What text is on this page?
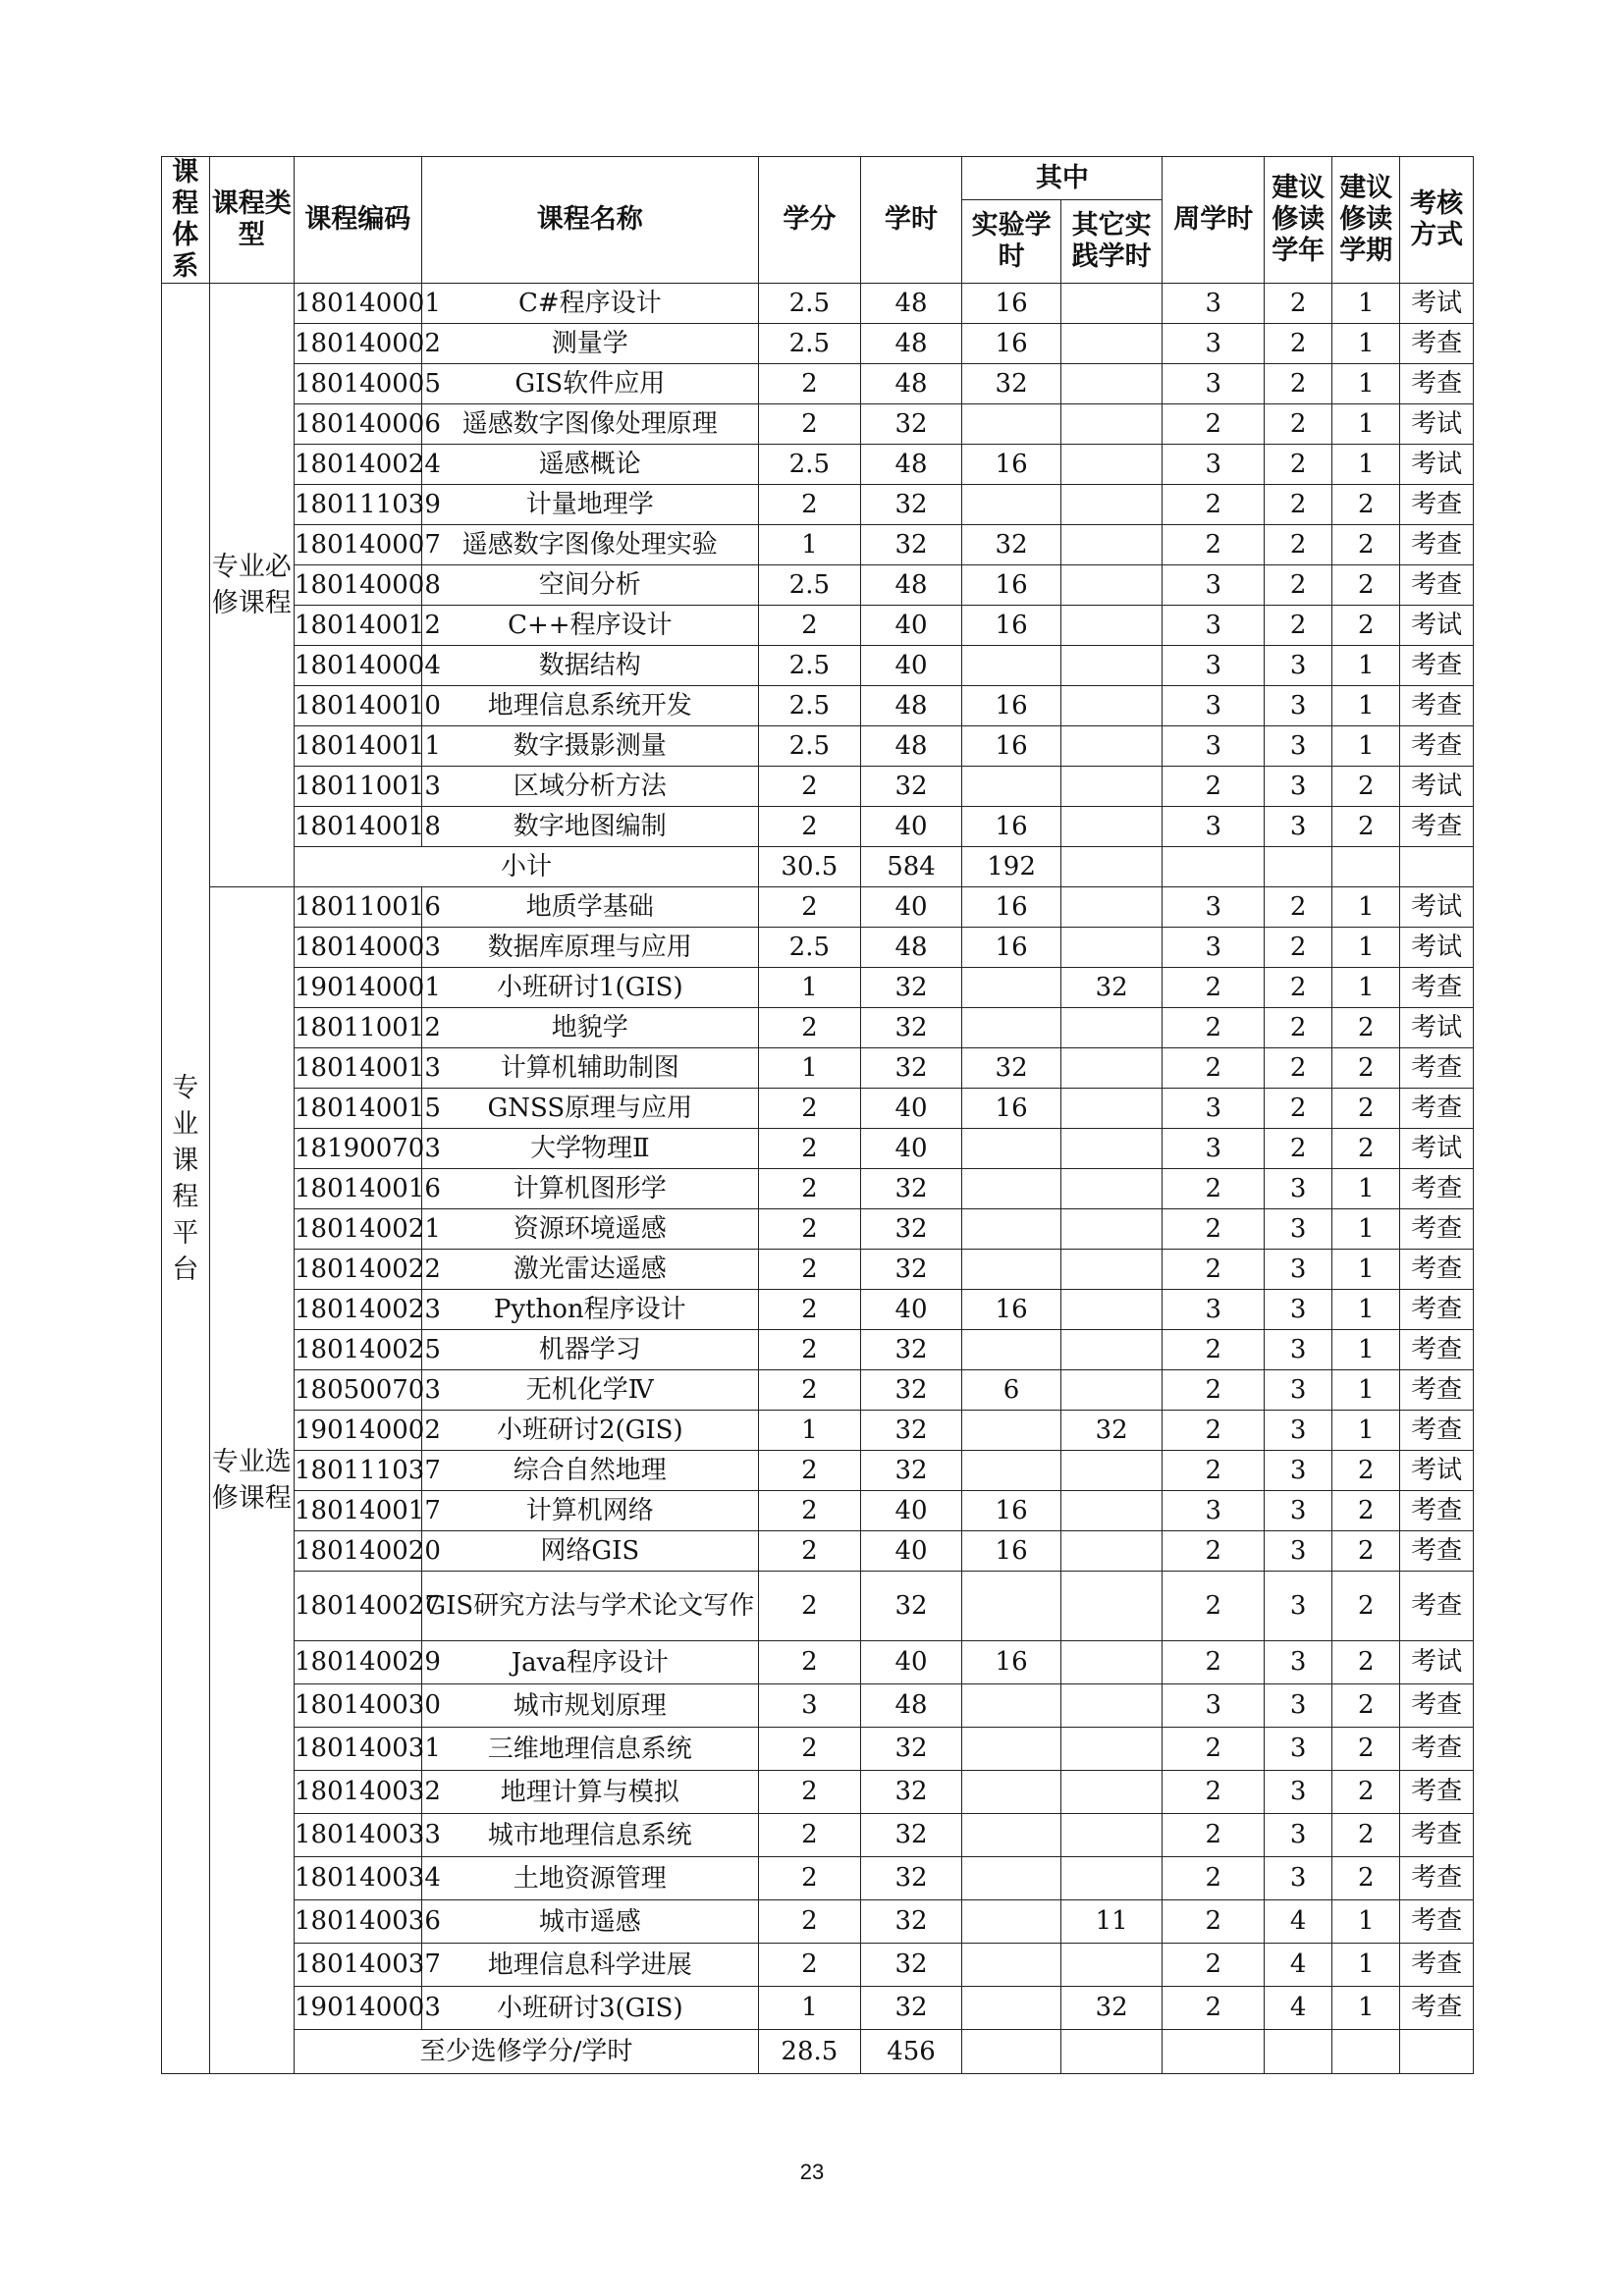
课程体系	课程类型	课程编码	课程名称	学分	学时	其中		周学时	建议修读学年	建议修读学期	考核方式
						实验学时	其它实践学时				
专业课程平台	专业必修课程	180140001	C#程序设计	2.5	48	16		3	2	1	考试
		180140002	测量学	2.5	48	16		3	2	1	考查
		180140005	GIS软件应用	2	48	32		3	2	1	考查
		180140006	遥感数字图像处理原理	2	32			2	2	1	考试
		180140024	遥感概论	2.5	48	16		3	2	1	考试
		180111039	计量地理学	2	32			2	2	2	考查
		180140007	遥感数字图像处理实验	1	32	32		2	2	2	考查
		180140008	空间分析	2.5	48	16		3	2	2	考查
		180140012	C++程序设计	2	40	16		3	2	2	考试
		180140004	数据结构	2.5	40			3	3	1	考查
		180140010	地理信息系统开发	2.5	48	16		3	3	1	考查
		180140011	数字摄影测量	2.5	48	16		3	3	1	考查
		180110013	区域分析方法	2	32			2	3	2	考试
		180140018	数字地图编制	2	40	16		3	3	2	考查
		小计		30.5	584	192					
	专业选修课程	180110016	地质学基础	2	40	16		3	2	1	考试
		180140003	数据库原理与应用	2.5	48	16		3	2	1	考试
		190140001	小班研讨1(GIS)	1	32		32	2	2	1	考查
		180110012	地貌学	2	32			2	2	2	考试
		180140013	计算机辅助制图	1	32	32		2	2	2	考查
		180140015	GNSS原理与应用	2	40	16		3	2	2	考查
		181900703	大学物理Ⅱ	2	40			3	2	2	考试
		180140016	计算机图形学	2	32			2	3	1	考查
		180140021	资源环境遥感	2	32			2	3	1	考查
		180140022	激光雷达遥感	2	32			2	3	1	考查
		180140023	Python程序设计	2	40	16		3	3	1	考查
		180140025	机器学习	2	32			2	3	1	考查
		180500703	无机化学Ⅳ	2	32	6		2	3	1	考查
		190140002	小班研讨2(GIS)	1	32		32	2	3	1	考查
		180111037	综合自然地理	2	32			2	3	2	考试
		180140017	计算机网络	2	40	16		3	3	2	考查
		180140020	网络GIS	2	40	16		2	3	2	考查
		180140027	GIS研究方法与学术论文写作	2	32			2	3	2	考查
		180140029	Java程序设计	2	40	16		2	3	2	考试
		180140030	城市规划原理	3	48			3	3	2	考查
		180140031	三维地理信息系统	2	32			2	3	2	考查
		180140032	地理计算与模拟	2	32			2	3	2	考查
		180140033	城市地理信息系统	2	32			2	3	2	考查
		180140034	土地资源管理	2	32			2	3	2	考查
		180140036	城市遥感	2	32		11	2	4	1	考查
		180140037	地理信息科学进展	2	32			2	4	1	考查
		190140003	小班研讨3(GIS)	1	32		32	2	4	1	考查
		至少选修学分/学时		28.5	456						
23
